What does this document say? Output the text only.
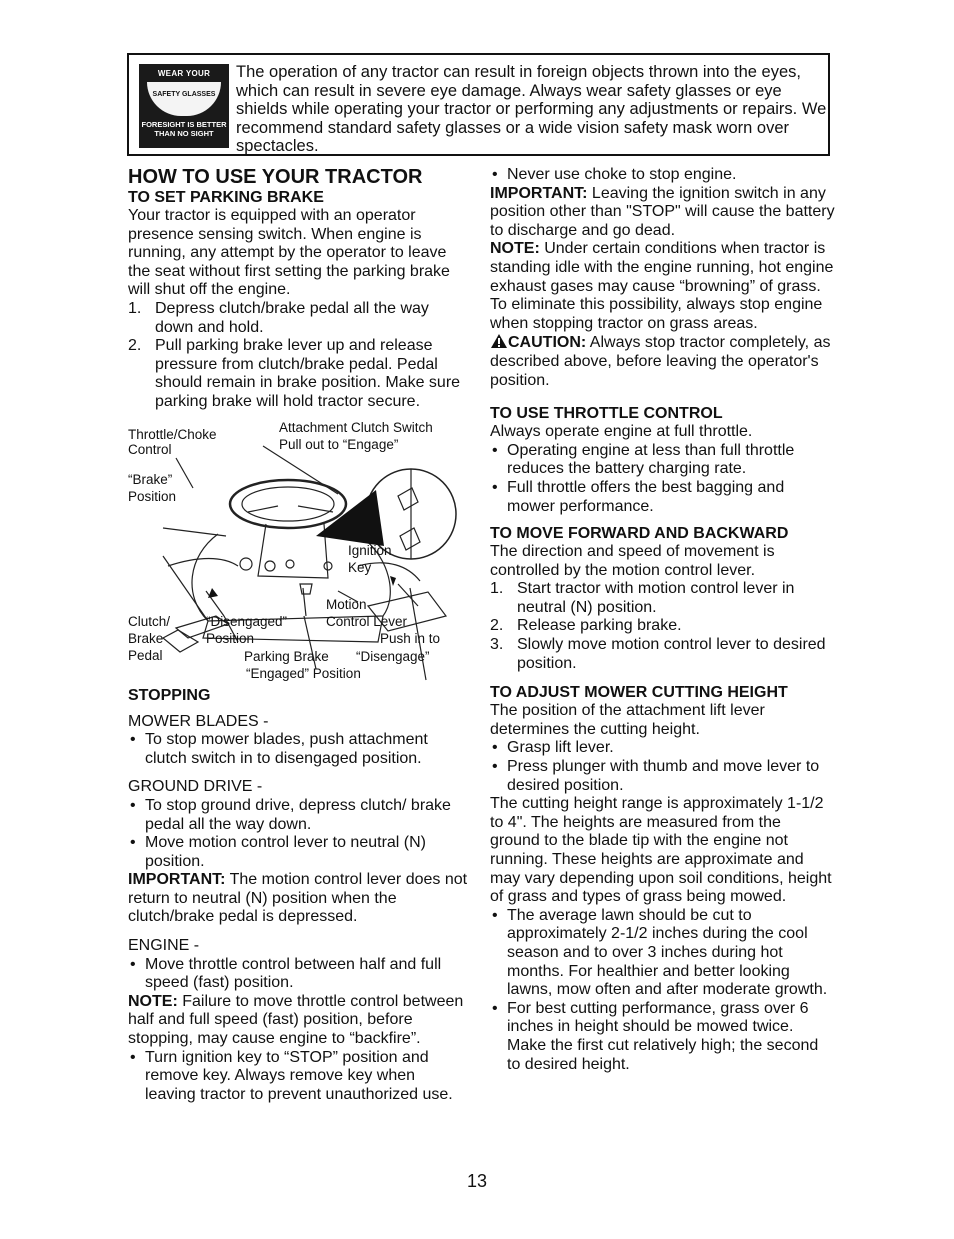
WEAR YOUR
SAFETY GLASSES
FORESIGHT IS BETTER
THAN NO SIGHT
The operation of any tractor can result in foreign objects thrown into the eyes, which can result in severe eye damage. Always wear safety glasses or eye shields while operating your tractor or performing any adjustments or repairs. We recommend standard safety glasses or a wide vision safety mask worn over spectacles.
HOW TO USE YOUR TRACTOR
TO SET PARKING BRAKE

Your tractor is equipped with an operator presence sensing switch. When engine is running, any attempt by the operator to leave the seat without first setting the parking brake will shut off the engine.

1. Depress clutch/brake pedal all the way down and hold.
2. Pull parking brake lever up and release pressure from clutch/brake pedal. Pedal should remain in brake position. Make sure parking brake will hold tractor secure.
Throttle/Choke
Control
Attachment Clutch Switch
Pull out to “Engage”
“Brake”
Position
Ignition
Key
Motion
Clutch/
Brake
Pedal
“Disengaged”
Position
Control Lever
Push in to
Parking Brake “Disengage”
“Engaged” Position
STOPPING

MOWER BLADES -

• To stop mower blades, push attachment clutch switch in to disengaged position.

GROUND DRIVE -

• To stop ground drive, depress clutch/ brake pedal all the way down.
• Move motion control lever to neutral (N) position.

IMPORTANT: The motion control lever does not return to neutral (N) position when the clutch/brake pedal is depressed.

ENGINE -

• Move throttle control between half and full speed (fast) position.

NOTE: Failure to move throttle control between half and full speed (fast) position, before stopping, may cause engine to “backfire”.

• Turn ignition key to “STOP” position and remove key. Always remove key when leaving tractor to prevent unauthorized use.
• Never use choke to stop engine.

IMPORTANT: Leaving the ignition switch in any position other than "STOP" will cause the battery to discharge and go dead.

NOTE: Under certain conditions when tractor is standing idle with the engine running, hot engine exhaust gases may cause “browning” of grass. To eliminate this possibility, always stop engine when stopping tractor on grass areas.

CAUTION: Always stop tractor completely, as described above, before leaving the operator's position.

TO USE THROTTLE CONTROL

Always operate engine at full throttle.

• Operating engine at less than full throttle reduces the battery charging rate.
• Full throttle offers the best bagging and mower performance.
TO MOVE FORWARD AND BACKWARD

The direction and speed of movement is controlled by the motion control lever.

1. Start tractor with motion control lever in neutral (N) position.
2. Release parking brake.
3. Slowly move motion control lever to desired position.
TO ADJUST MOWER CUTTING HEIGHT

The position of the attachment lift lever determines the cutting height.

• Grasp lift lever.
• Press plunger with thumb and move lever to desired position.

The cutting height range is approximately 1-1/2 to 4". The heights are measured from the ground to the blade tip with the engine not running. These heights are approximate and may vary depending upon soil conditions, height of grass and types of grass being mowed.

• The average lawn should be cut to approximately 2-1/2 inches during the cool season and to over 3 inches during hot months. For healthier and better looking lawns, mow often and after moderate growth.
• For best cutting performance, grass over 6 inches in height should be mowed twice. Make the first cut relatively high; the second to desired height.
13
